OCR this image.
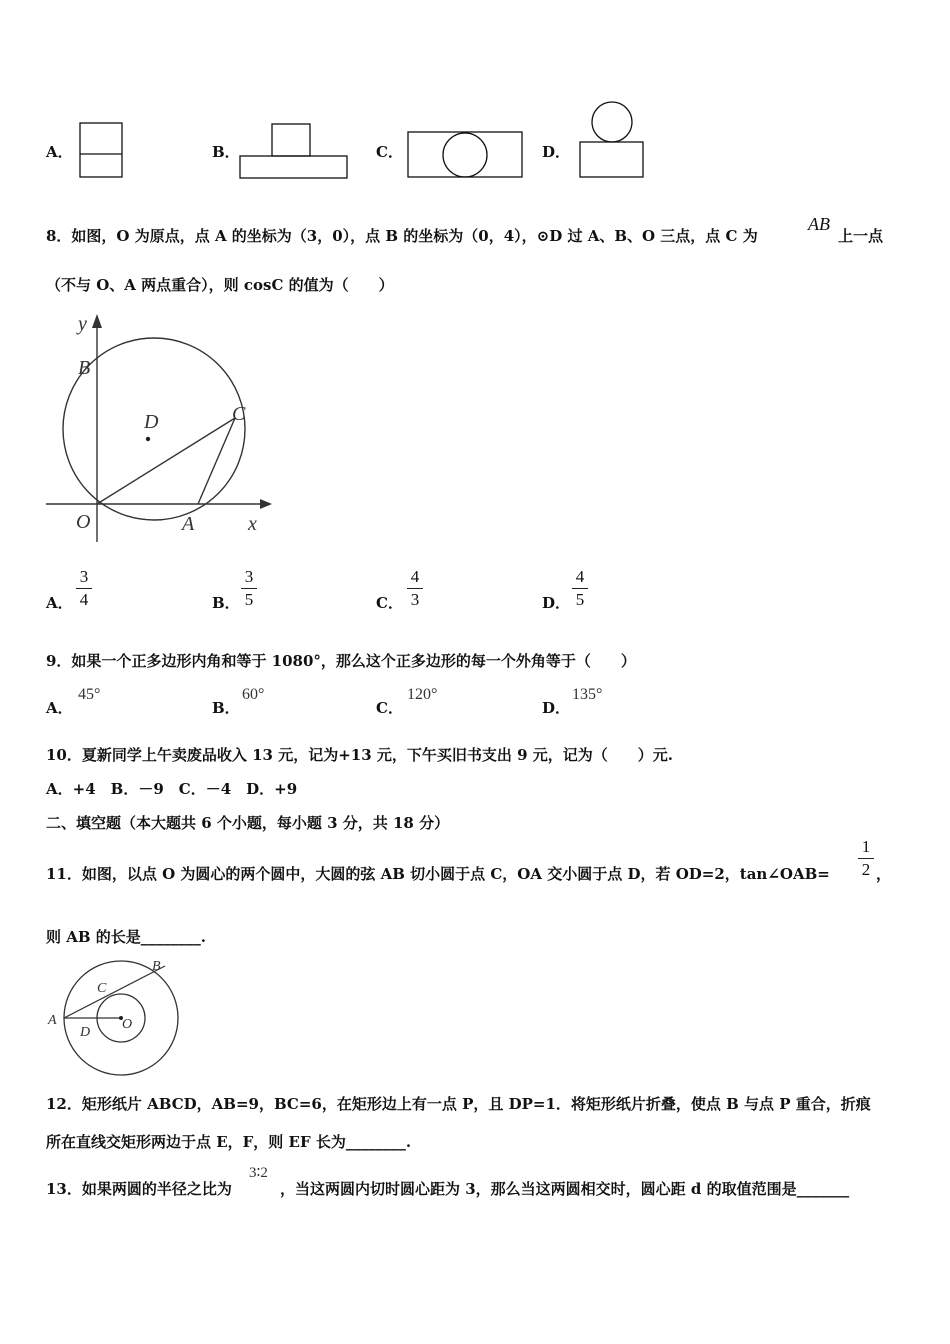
A．	B．	C．	D．
8．如图，O 为原点，点 A 的坐标为（3，0），点 B 的坐标为（0，4），⊙D 过 A、B、O 三点，点 C 为
AB
上一点
（不与 O、A 两点重合），则 cosC 的值为（　　）
y
B
D	C
O	A	x
A．
3
4	B．
3
5	C．
4
3	D．
4
5
9．如果一个正多边形内角和等于 1080°，那么这个正多边形的每一个外角等于（　　）
A．
45°
B．
60°
C．
120°
D．
135°
10．夏新同学上午卖废品收入 13 元，记为+13 元，下午买旧书支出 9 元，记为（　　）元.
A．+4　B．－9　C．－4　D．+9
二、填空题（本大题共 6 个小题，每小题 3 分，共 18 分）
11．如图，以点 O 为圆心的两个圆中，大圆的弦 AB 切小圆于点 C，OA 交小圆于点 D，若 OD=2，tan∠OAB=
1
2 ，
则 AB 的长是________.
A
B
C
D
O
12．矩形纸片 ABCD，AB=9，BC=6，在矩形边上有一点 P，且 DP=1．将矩形纸片折叠，使点 B 与点 P 重合，折痕
所在直线交矩形两边于点 E，F，则 EF 长为________.
13．如果两圆的半径之比为
3∶2
，当这两圆内切时圆心距为 3，那么当这两圆相交时，圆心距 d 的取值范围是_______
